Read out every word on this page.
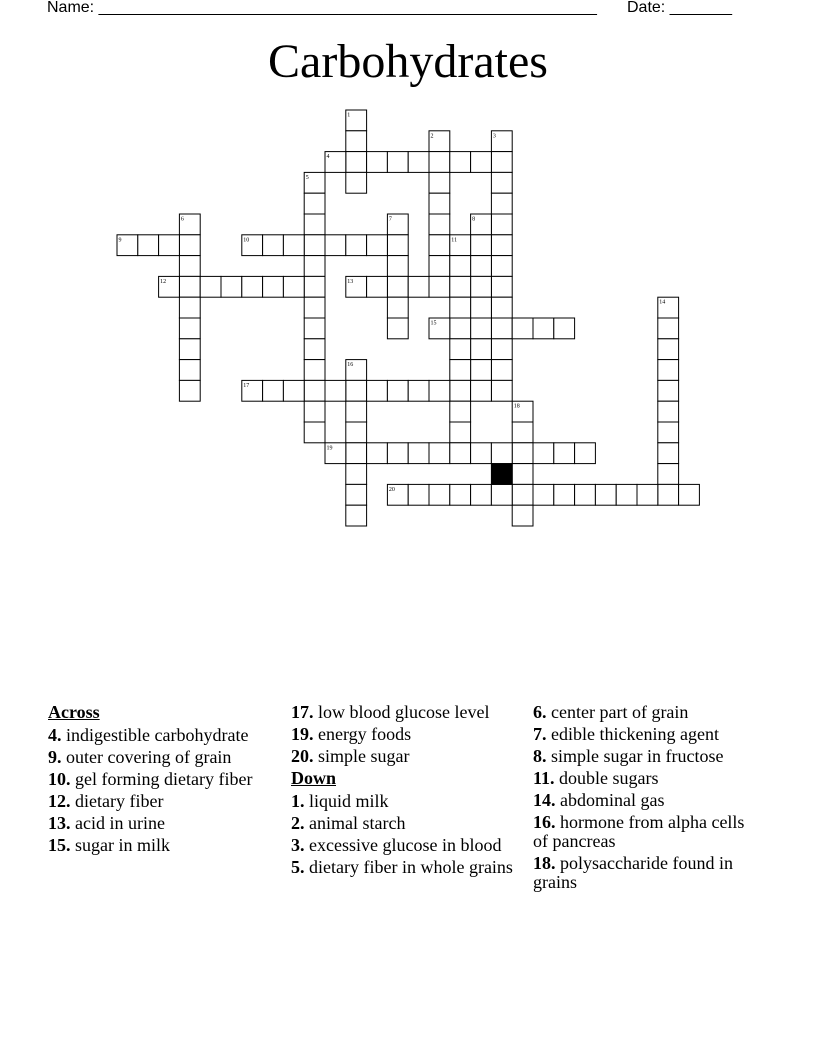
Name: ________________________________________________________ Date: _______
Carbohydrates
1
2	3
4
5
6	7	8
9	10	11
12	13
14
15
16
17
18
19
20
Across
4. indigestible carbohydrate
9. outer covering of grain
10. gel forming dietary fiber
12. dietary fiber
13. acid in urine
15. sugar in milk
17. low blood glucose level
19. energy foods
20. simple sugar
Down
1. liquid milk
2. animal starch
3. excessive glucose in blood
5. dietary fiber in whole grains
6. center part of grain
7. edible thickening agent
8. simple sugar in fructose
11. double sugars
14. abdominal gas
16. hormone from alpha cells of pancreas
18. polysaccharide found in grains
